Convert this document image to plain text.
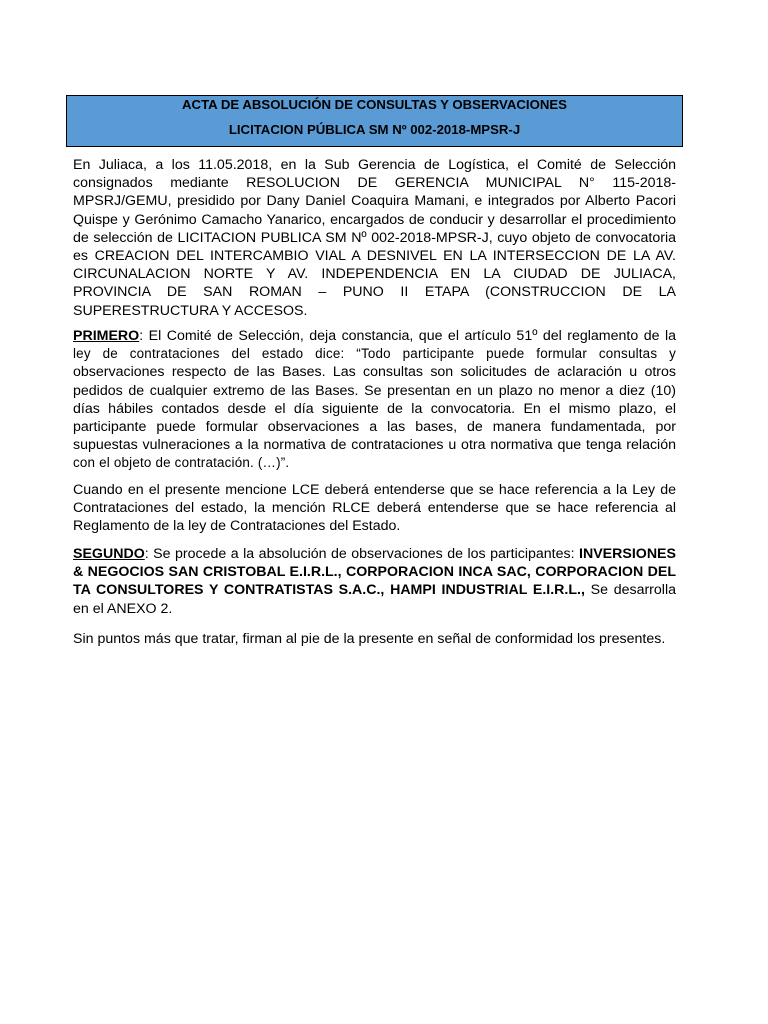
ACTA DE ABSOLUCIÓN DE CONSULTAS Y OBSERVACIONES
LICITACION PÚBLICA SM Nº 002-2018-MPSR-J
En Juliaca, a los 11.05.2018, en la Sub Gerencia de Logística, el Comité de Selección
consignados mediante RESOLUCION DE GERENCIA MUNICIPAL N° 115-2018-
MPSRJ/GEMU, presidido por Dany Daniel Coaquira Mamani, e integrados por Alberto Pacori
Quispe y Gerónimo Camacho Yanarico, encargados de conducir y desarrollar el procedimiento
de selección de LICITACION PUBLICA SM Nº 002-2018-MPSR-J, cuyo objeto de convocatoria
es CREACION DEL INTERCAMBIO VIAL A DESNIVEL EN LA INTERSECCION DE LA AV.
CIRCUNALACION NORTE Y AV. INDEPENDENCIA EN LA CIUDAD DE JULIACA,
PROVINCIA DE SAN ROMAN – PUNO II ETAPA (CONSTRUCCION DE LA
SUPERESTRUCTURA Y ACCESOS.
PRIMERO: El Comité de Selección, deja constancia, que el artículo 51º del reglamento de la
ley de contrataciones del estado dice: “Todo participante puede formular consultas y
observaciones respecto de las Bases. Las consultas son solicitudes de aclaración u otros
pedidos de cualquier extremo de las Bases. Se presentan en un plazo no menor a diez (10)
días hábiles contados desde el día siguiente de la convocatoria. En el mismo plazo, el
participante puede formular observaciones a las bases, de manera fundamentada, por
supuestas vulneraciones a la normativa de contrataciones u otra normativa que tenga relación
con el objeto de contratación. (…)”.
Cuando en el presente mencione LCE deberá entenderse que se hace referencia a la Ley de
Contrataciones del estado, la mención RLCE deberá entenderse que se hace referencia al
Reglamento de la ley de Contrataciones del Estado.
SEGUNDO: Se procede a la absolución de observaciones de los participantes: INVERSIONES
& NEGOCIOS SAN CRISTOBAL E.I.R.L., CORPORACION INCA SAC, CORPORACION DEL
TA CONSULTORES Y CONTRATISTAS S.A.C., HAMPI INDUSTRIAL E.I.R.L., Se desarrolla
en el ANEXO 2.
Sin puntos más que tratar, firman al pie de la presente en señal de conformidad los presentes.
